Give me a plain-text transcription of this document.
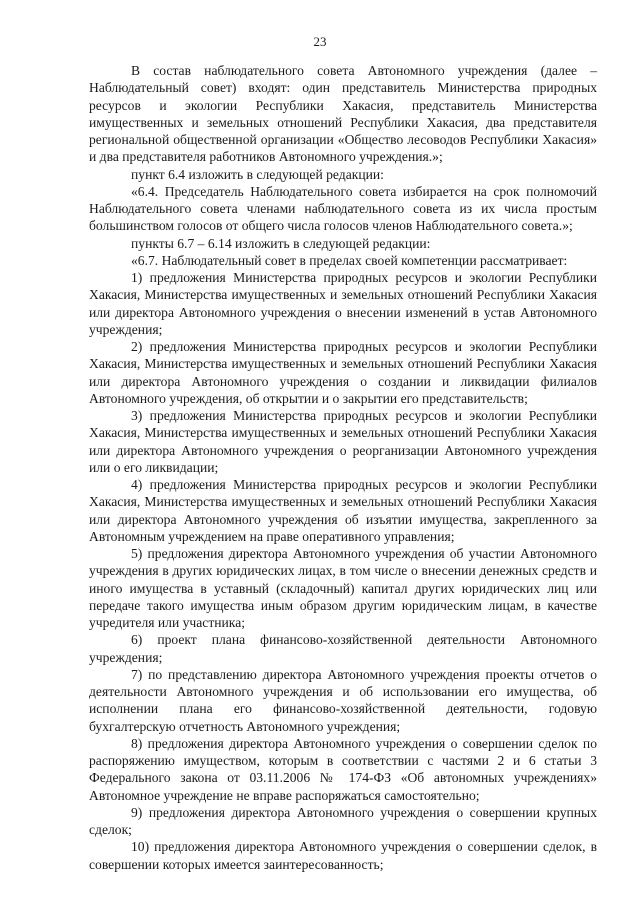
23

В состав наблюдательного совета Автономного учреждения (далее – Наблюдательный совет) входят: один представитель Министерства природных ресурсов и экологии Республики Хакасия, представитель Министерства имущественных и земельных отношений Республики Хакасия, два представителя региональной общественной организации «Общество лесоводов Республики Хакасия» и два представителя работников Автономного учреждения.»;

пункт 6.4 изложить в следующей редакции:

«6.4. Председатель Наблюдательного совета избирается на срок полномочий Наблюдательного совета членами наблюдательного совета из их числа простым большинством голосов от общего числа голосов членов Наблюдательного совета.»;

пункты 6.7 – 6.14 изложить в следующей редакции:

«6.7. Наблюдательный совет в пределах своей компетенции рассматривает:

1) предложения Министерства природных ресурсов и экологии Республики Хакасия, Министерства имущественных и земельных отношений Республики Хакасия или директора Автономного учреждения о внесении изменений в устав Автономного учреждения;

2) предложения Министерства природных ресурсов и экологии Республики Хакасия, Министерства имущественных и земельных отношений Республики Хакасия или директора Автономного учреждения о создании и ликвидации филиалов Автономного учреждения, об открытии и о закрытии его представительств;

3) предложения Министерства природных ресурсов и экологии Республики Хакасия, Министерства имущественных и земельных отношений Республики Хакасия или директора Автономного учреждения о реорганизации Автономного учреждения или о его ликвидации;

4) предложения Министерства природных ресурсов и экологии Республики Хакасия, Министерства имущественных и земельных отношений Республики Хакасия или директора Автономного учреждения об изъятии имущества, закрепленного за Автономным учреждением на праве оперативного управления;

5) предложения директора Автономного учреждения об участии Автономного учреждения в других юридических лицах, в том числе о внесении денежных средств и иного имущества в уставный (складочный) капитал других юридических лиц или передаче такого имущества иным образом другим юридическим лицам, в качестве учредителя или участника;

6) проект плана финансово-хозяйственной деятельности Автономного учреждения;

7) по представлению директора Автономного учреждения проекты отчетов о деятельности Автономного учреждения и об использовании его имущества, об исполнении плана его финансово-хозяйственной деятельности, годовую бухгалтерскую отчетность Автономного учреждения;

8) предложения директора Автономного учреждения о совершении сделок по распоряжению имуществом, которым в соответствии с частями 2 и 6 статьи 3 Федерального закона от 03.11.2006 № 174-ФЗ «Об автономных учреждениях» Автономное учреждение не вправе распоряжаться самостоятельно;

9) предложения директора Автономного учреждения о совершении крупных сделок;

10) предложения директора Автономного учреждения о совершении сделок, в совершении которых имеется заинтересованность;
